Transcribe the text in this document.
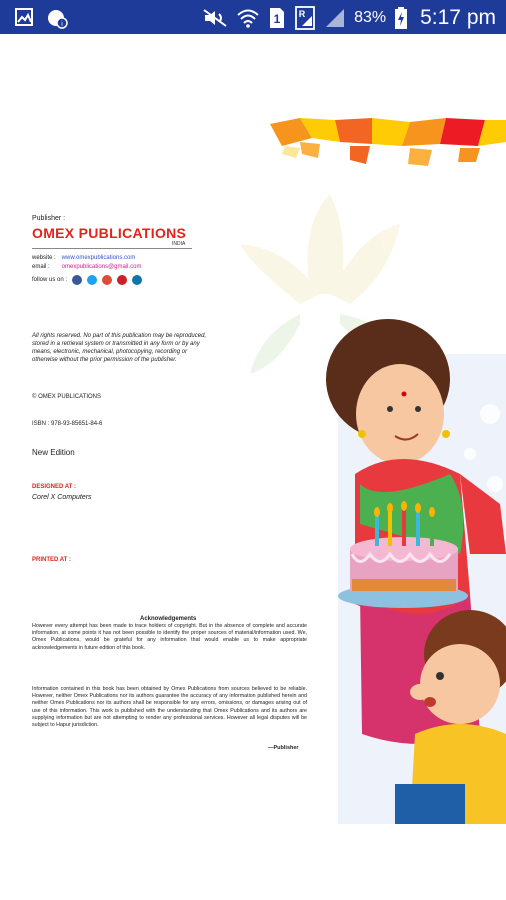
i	1 R	83% 5:17 pm
Publisher :
OMEX PUBLICATIONS
INDIA
website : www.omexpublications.com
email : omexpublications@gmail.com
follow us on :
All rights reserved. No part of this publication may be reproduced, stored in a retrieval system or transmitted in any form or by any means, electronic, mechanical, photocopying, recording or otherwise without the prior permission of the publisher.
© OMEX PUBLICATIONS
ISBN : 978-93-85651-84-6
New Edition
DESIGNED AT :
Corel X Computers
PRINTED AT :
Acknowledgements
However every attempt has been made to trace holders of copyright. But in the absence of complete and accurate information, at some points it has not been possible to identify the proper sources of material/information used. We, Omex Publications, would be grateful for any information that would enable us to make appropriate acknowledgements in future edition of this book.
Information contained in this book has been obtained by Omex Publications from sources believed to be reliable. However, neither Omex Publications nor its authors guarantee the accuracy of any information published herein and neither Omex Publications nor its authors shall be responsible for any errors, omissions, or damages arising out of use of this information. This work is published with the understanding that Omex Publications and its authors are supplying information but are not attempting to render any professional services. However all legal disputes will be subject to Hapur jurisdiction.
—Publisher
